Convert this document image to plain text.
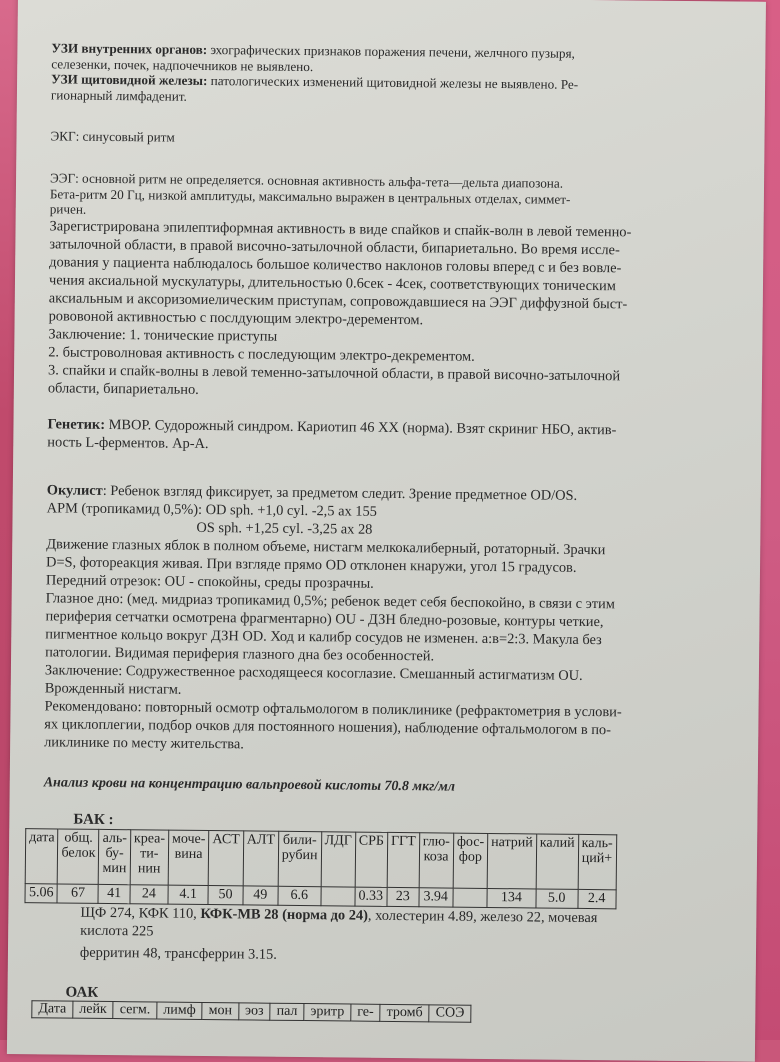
УЗИ внутренних органов: эхографических признаков поражения печени, желчного пузыря,
селезенки, почек, надпочечников не выявлено.

УЗИ щитовидной железы: патологических изменений щитовидной железы не выявлено. Ре-
гионарный лимфаденит.

ЭКГ: синусовый ритм

ЭЭГ: основной ритм не определяется. основная активность альфа-тета—дельта диапозона.
Бета-ритм 20 Гц, низкой амплитуды, максимально выражен в центральных отделах, симмет-
ричен.

Зарегистрирована эпилептиформная активность в виде спайков и спайк-волн в левой теменно-
затылочной области, в правой височно-затылочной области, бипариетально. Во время иссле-
дования у пациента наблюдалось большое количество наклонов головы вперед с и без вовле-
чения аксиальной мускулатуры, длительностью 0.6сек - 4сек, соответствующих тоническим
аксиальным и аксоризомиелическим приступам, сопровождавшиеся на ЭЭГ диффузной быст-
рововоной активностью с поcлдующим электро-дерементом.

Заключение: 1. тонические приступы
2. быстроволновая активность с последующим электро-декрементом.
3. спайки и спайк-волны в левой теменно-затылочной области, в правой височно-затылочной
области, бипариетально.

Генетик: МВОР. Судорожный синдром. Кариотип 46 XX (норма). Взят скриниг НБО, актив-
ность L-ферментов. Ар-А.

Окулист: Ребенок взгляд фиксирует, за предметом следит. Зрение предметное OD/OS.

АРМ (тропикамид 0,5%): OD sph. +1,0 cyl. -2,5 ax 155

OS sph. +1,25 cyl. -3,25 ax 28

Движение глазных яблок в полном объеме, нистагм мелкокалиберный, ротаторный. Зрачки
D=S, фотореакция живая. При взгляде прямо OD отклонен кнаружи, угол 15 градусов.
Передний отрезок: OU - спокойны, среды прозрачны.
Глазное дно: (мед. мидриаз тропикамид 0,5%; ребенок ведет себя беспокойно, в связи с этим
периферия сетчатки осмотрена фрагментарно) OU - ДЗН бледно-розовые, контуры четкие,
пигментное кольцо вокруг ДЗН OD. Ход и калибр сосудов не изменен. a:в=2:3. Макула без
патологии. Видимая периферия глазного дна без особенностей.
Заключение: Содружественное расходящееся косоглазие. Смешанный астигматизм OU.
Врожденный нистагм.
Рекомендовано: повторный осмотр офтальмологом в поликлинике (рефрактометрия в услови-
ях циклоплегии, подбор очков для постоянного ношения), наблюдение офтальмологом в по-
ликлинике по месту жительства.

Анализ крови на концентрацию вальпроевой кислоты 70.8 мкг/мл

БАК :
дата	общ.
белок	аль-
бу-
мин	креа-
ти-
нин	моче-
вина	АСТ	АЛТ	били-
рубин	ЛДГ	СРБ	ГГТ	глю-
коза	фос-
фор	натрий	калий	каль-
ций+
5.06	67	41	24	4.1	50	49	6.6		0.33	23	3.94		134	5.0	2.4

ЩФ 274, КФК 110, КФК-МВ 28 (норма до 24), холестерин 4.89, железо 22, мочевая
кислота 225

ферритин 48, трансферрин 3.15.

ОАК
Дата	лейк	сегм.	лимф	мон	эоз	пал	эритр	ге-	тромб	СОЭ
